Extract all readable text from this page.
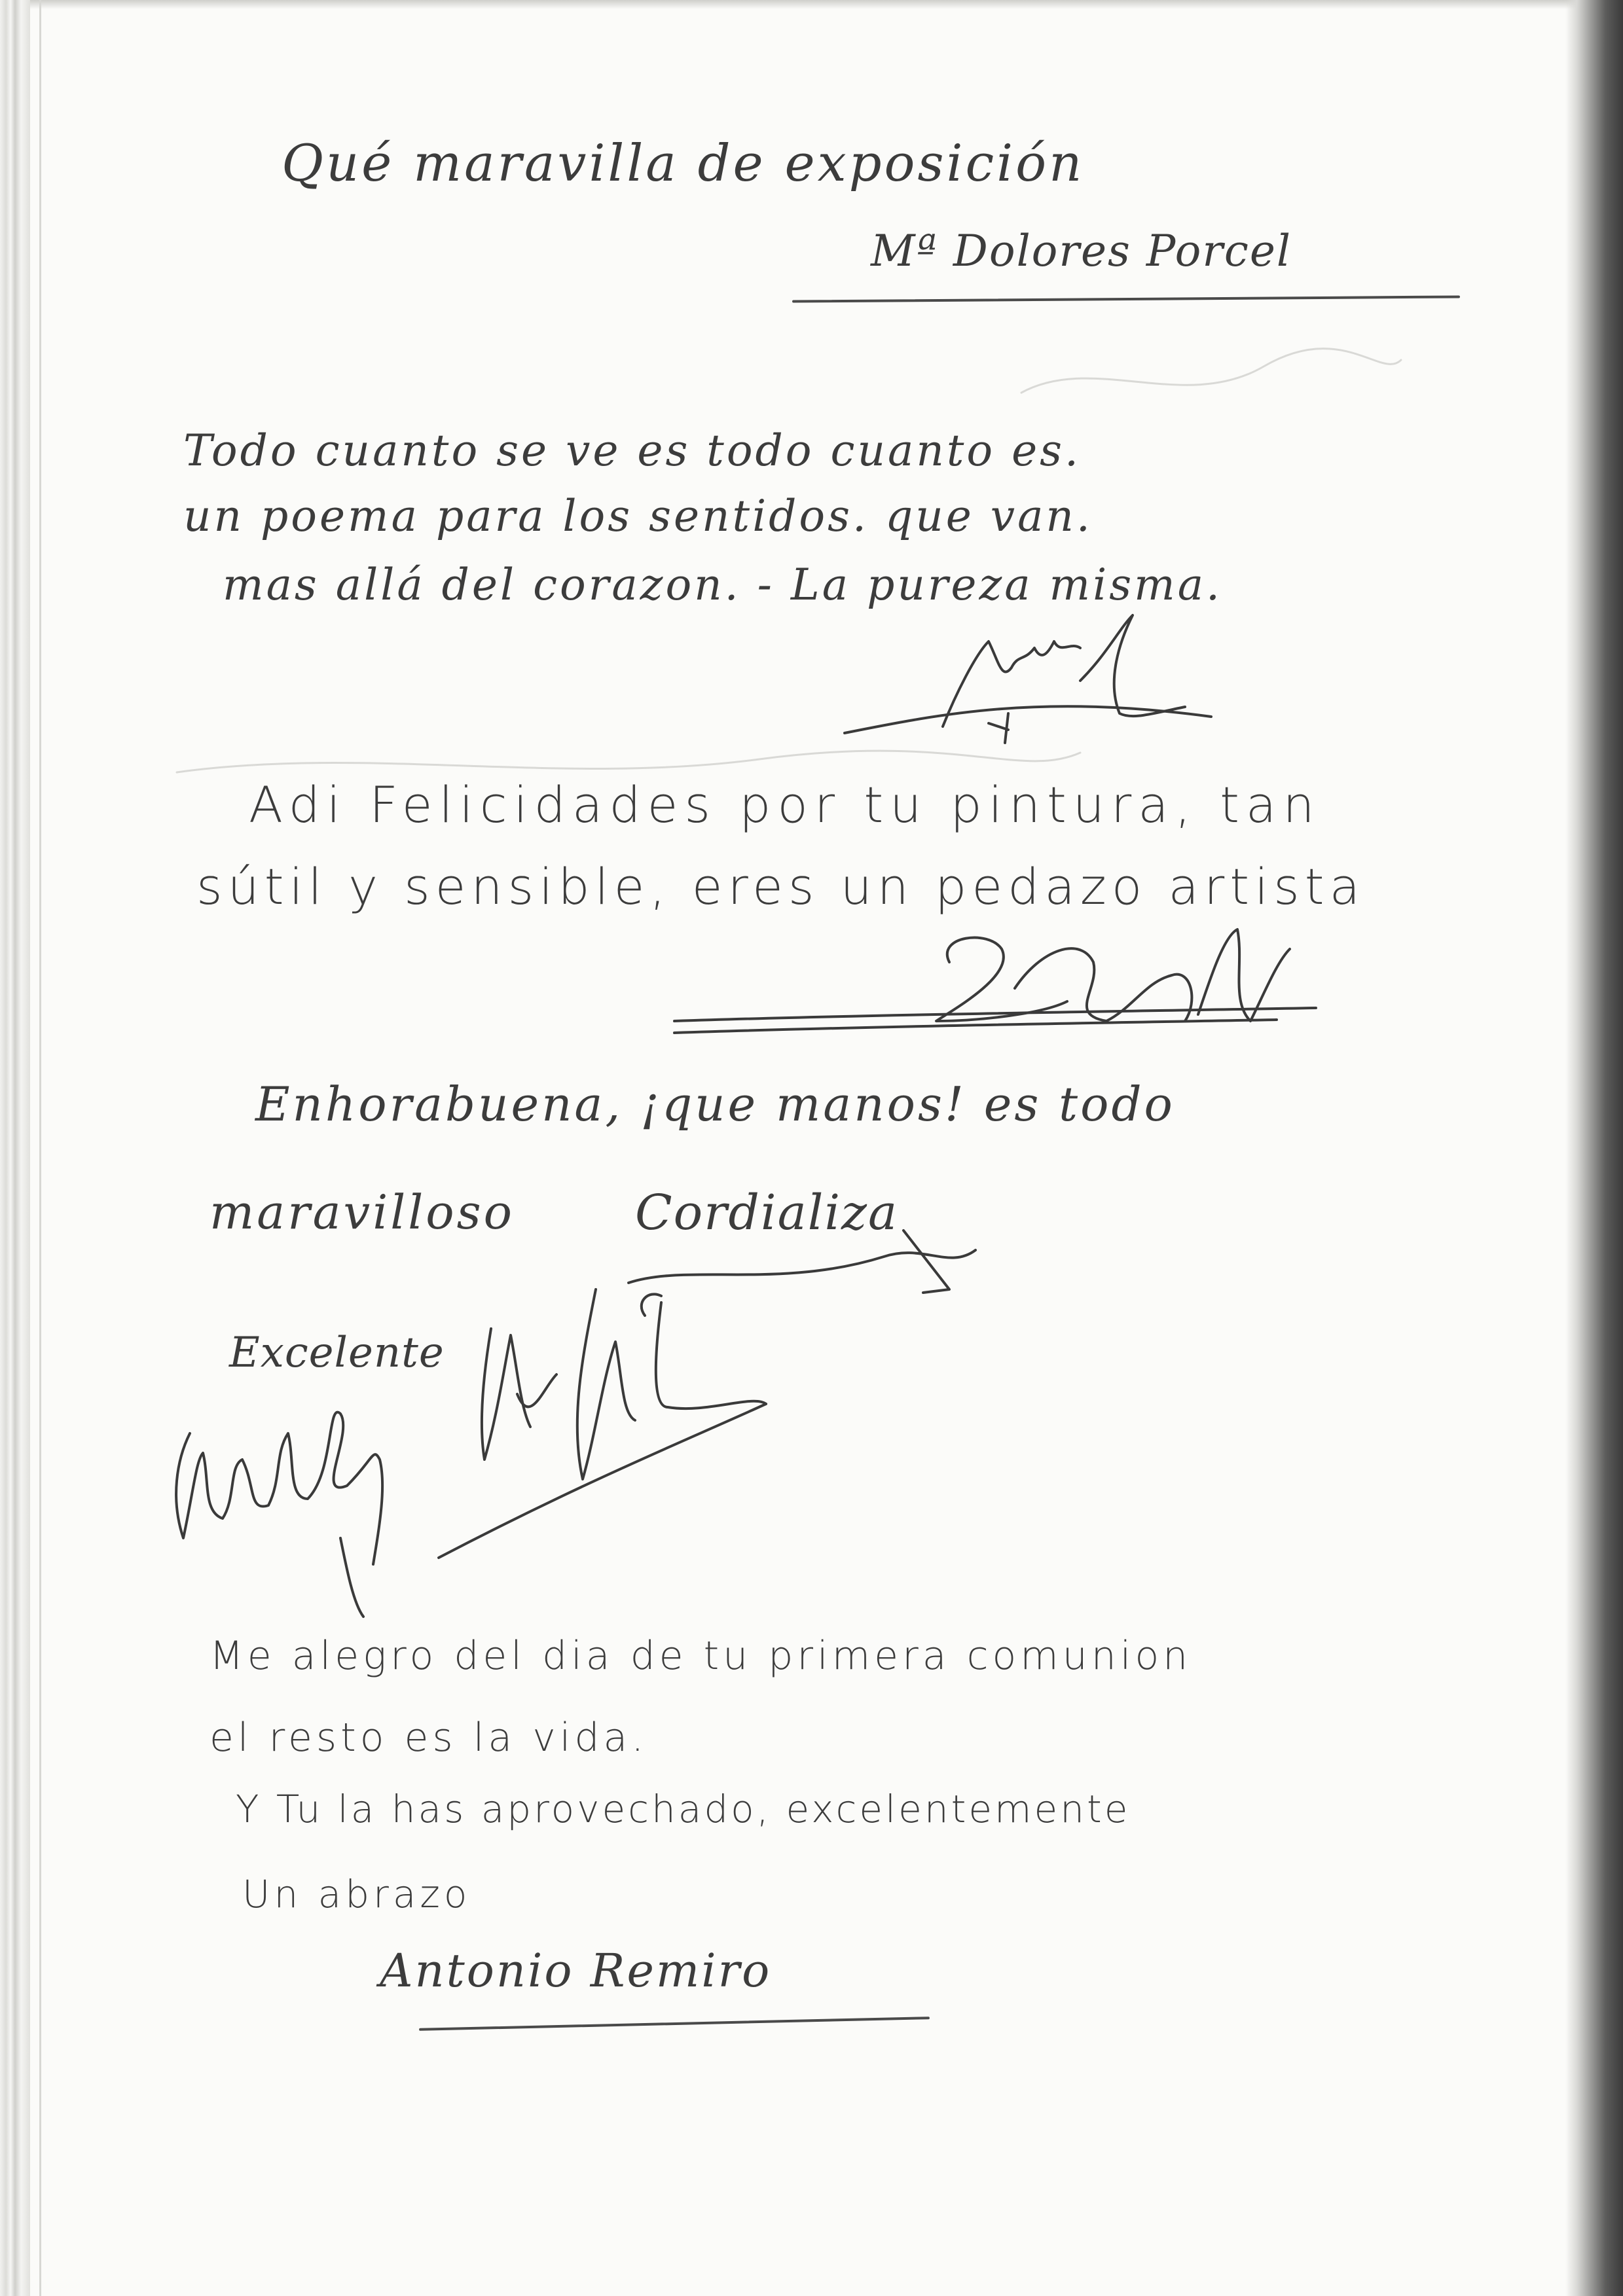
Qué maravilla de exposición

Mª Dolores Porcel

Todo cuanto se ve es todo cuanto es.

un poema para los sentidos. que van.

mas allá del corazon. - La pureza misma.

Adi Felicidades por tu pintura, tan

sútil y sensible, eres un pedazo artista

Enhorabuena, ¡que manos! es todo

maravilloso Cordializa

Excelente

Me alegro del dia de tu primera comunion

el resto es la vida.

Y Tu la has aprovechado, excelentemente

Un abrazo

Antonio Remiro
